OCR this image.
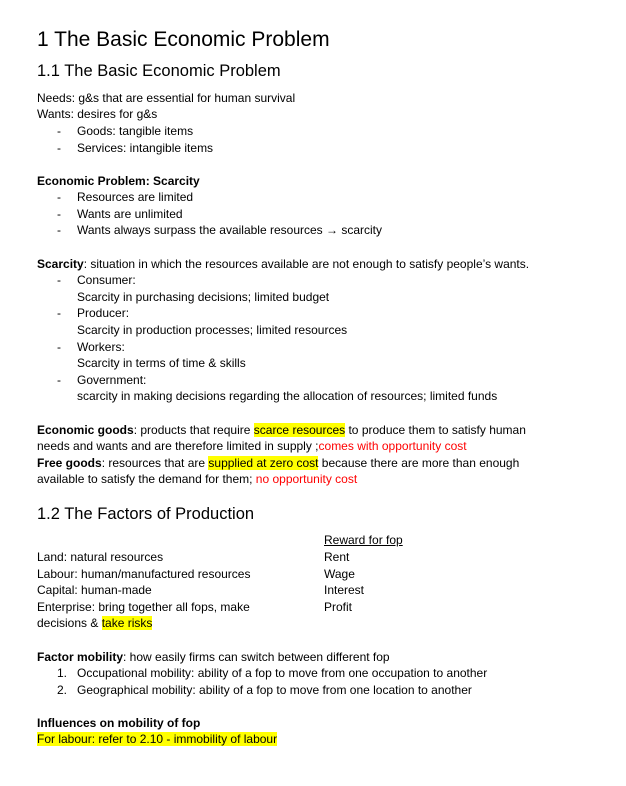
1 The Basic Economic Problem
1.1 The Basic Economic Problem
Needs: g&s that are essential for human survival
Wants: desires for g&s
- Goods: tangible items
- Services: intangible items
Economic Problem: Scarcity
- Resources are limited
- Wants are unlimited
- Wants always surpass the available resources → scarcity
Scarcity: situation in which the resources available are not enough to satisfy people’s wants.
- Consumer:
Scarcity in purchasing decisions; limited budget
- Producer:
Scarcity in production processes; limited resources
- Workers:
Scarcity in terms of time & skills
- Government:
scarcity in making decisions regarding the allocation of resources; limited funds
Economic goods: products that require scarce resources to produce them to satisfy human
needs and wants and are therefore limited in supply ;comes with opportunity cost
Free goods: resources that are supplied at zero cost because there are more than enough
available to satisfy the demand for them; no opportunity cost
1.2 The Factors of Production
Reward for fop
Land: natural resources	Rent
Labour: human/manufactured resources	Wage
Capital: human-made	Interest
Enterprise: bring together all fops, make	Profit
decisions & take risks
Factor mobility: how easily firms can switch between different fop
1. Occupational mobility: ability of a fop to move from one occupation to another
2. Geographical mobility: ability of a fop to move from one location to another
Influences on mobility of fop
For labour: refer to 2.10 - immobility of labour
